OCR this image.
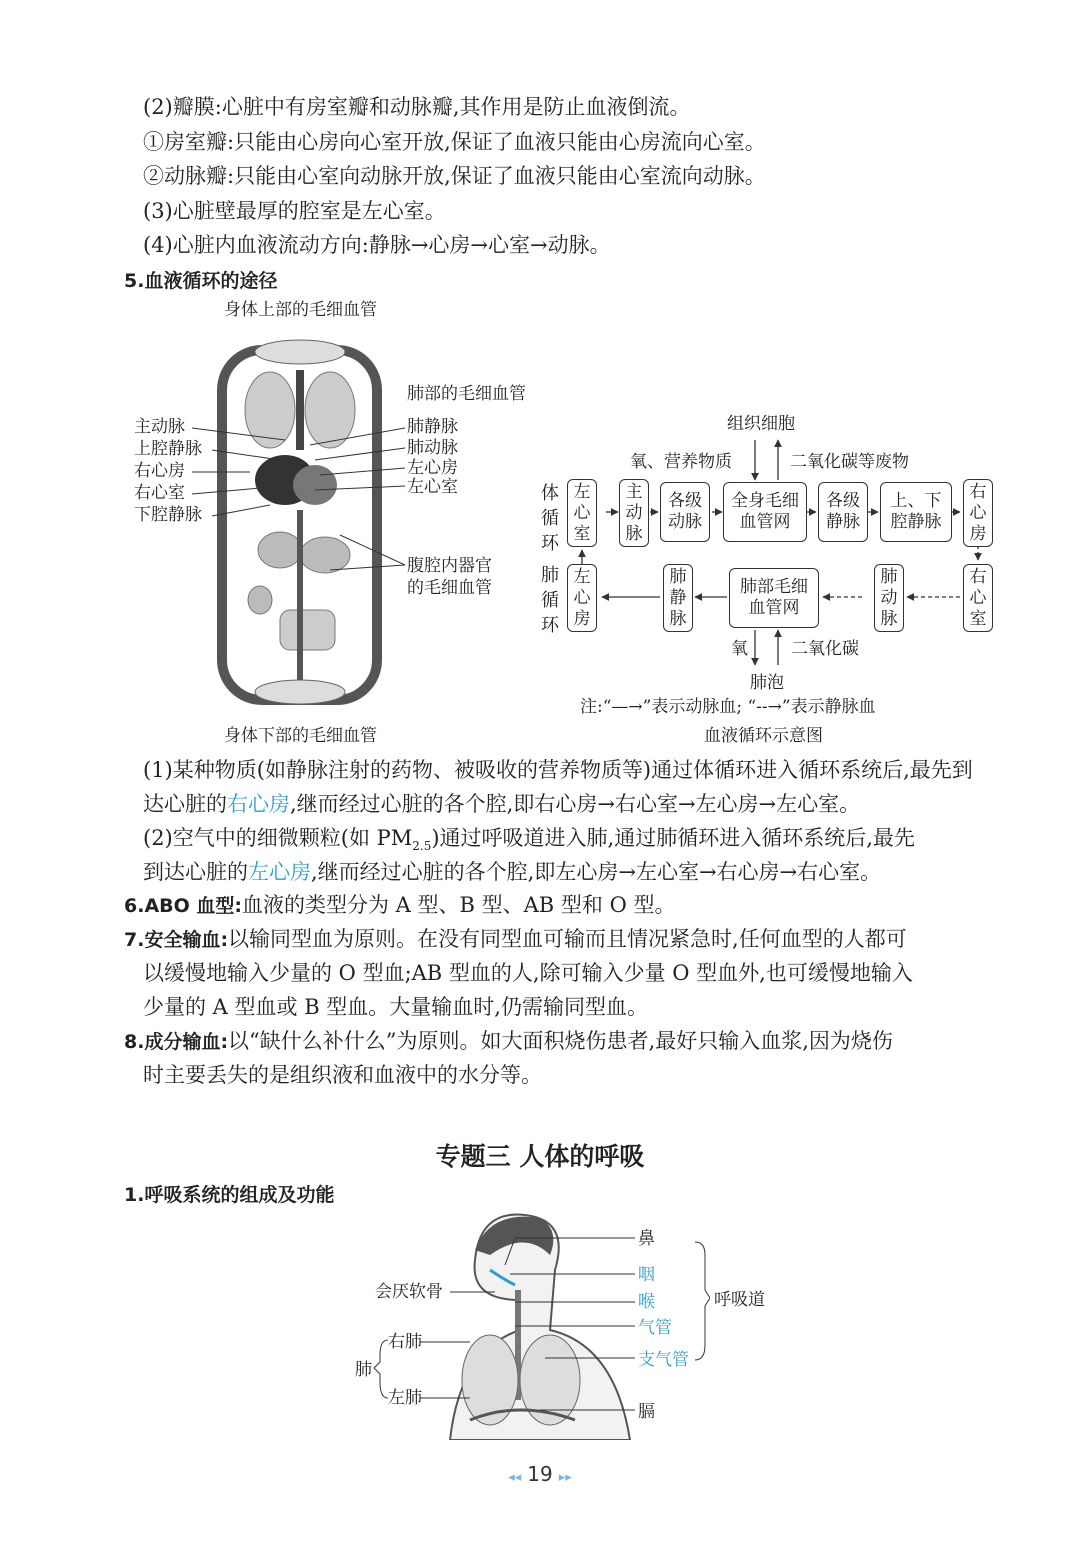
(2)瓣膜:心脏中有房室瓣和动脉瓣,其作用是防止血液倒流。
①房室瓣:只能由心房向心室开放,保证了血液只能由心房流向心室。
②动脉瓣:只能由心室向动脉开放,保证了血液只能由心室流向动脉。
(3)心脏壁最厚的腔室是左心室。
(4)心脏内血液流动方向:静脉→心房→心室→动脉。
5.血液循环的途径
身体上部的毛细血管
肺部的毛细血管
主动脉
上腔静脉
右心房
右心室
下腔静脉
肺静脉
肺动脉
左心房
左心室
腹腔内器官
的毛细血管
身体下部的毛细血管
组织细胞
氧、营养物质	二氧化碳等废物
体
循
环
肺
循
环
左
心
室
主
动
脉
各级
动脉
全身毛细
血管网
各级
静脉
上、下
腔静脉
右
心
房
左
心
房
肺
静
脉
肺部毛细
血管网
肺
动
脉
右
心
室
氧	二氧化碳
肺泡
注:“—→”表示动脉血; “--→”表示静脉血
血液循环示意图
(1)某种物质(如静脉注射的药物、被吸收的营养物质等)通过体循环进入循环系统后,最先到
达心脏的右心房,继而经过心脏的各个腔,即右心房→右心室→左心房→左心室。
(2)空气中的细微颗粒(如 $PM_{2.5}$)通过呼吸道进入肺,通过肺循环进入循环系统后,最先
到达心脏的左心房,继而经过心脏的各个腔,即左心房→左心室→右心房→右心室。
6.ABO 血型:血液的类型分为 A 型、B 型、AB 型和 O 型。
7.安全输血:以输同型血为原则。在没有同型血可输而且情况紧急时,任何血型的人都可
以缓慢地输入少量的 O 型血;AB 型血的人,除可输入少量 O 型血外,也可缓慢地输入
少量的 A 型血或 B 型血。大量输血时,仍需输同型血。
8.成分输血:以“缺什么补什么”为原则。如大面积烧伤患者,最好只输入血浆,因为烧伤
时主要丢失的是组织液和血液中的水分等。
专题三 人体的呼吸
1.呼吸系统的组成及功能
鼻
咽
喉
气管
支气管
呼吸道
会厌软骨
右肺
肺
左肺
膈
◂◂ 19 ▸▸
